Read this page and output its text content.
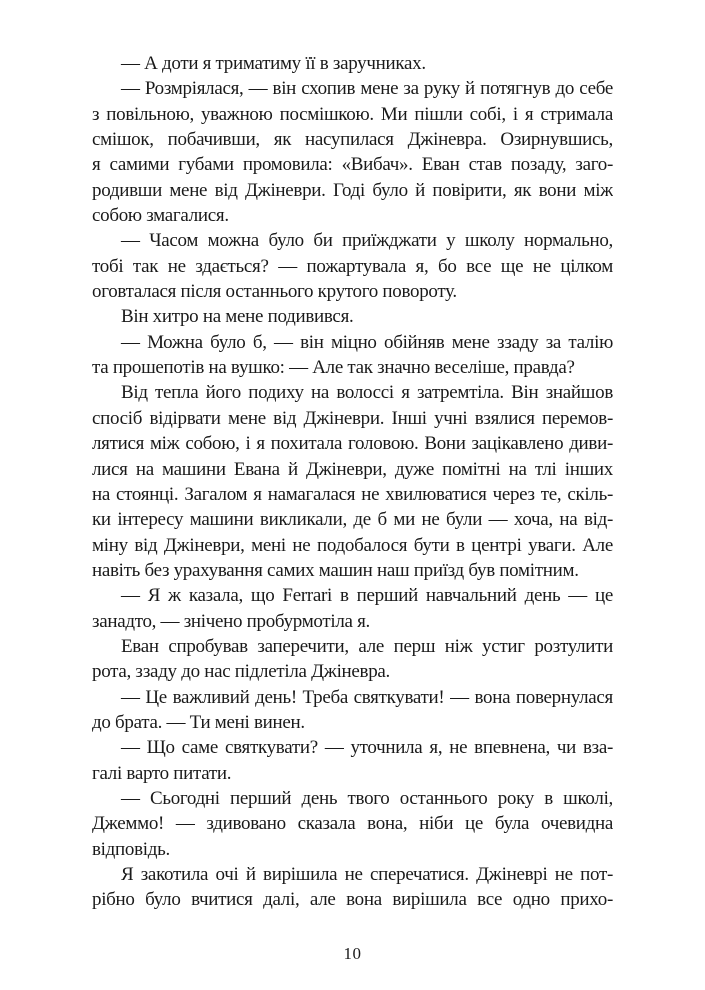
— А доти я триматиму її в заручниках.
— Розмріялася, — він схопив мене за руку й потягнув до себе
з повільною, уважною посмішкою. Ми пішли собі, і я стримала
смішок, побачивши, як насупилася Джіневра. Озирнувшись,
я самими губами промовила: «Вибач». Еван став позаду, заго-
родивши мене від Джіневри. Годі було й повірити, як вони між
собою змагалися.
— Часом можна було би приїжджати у школу нормально,
тобі так не здається? — пожартувала я, бо все ще не цілком
оговталася після останнього крутого повороту.
Він хитро на мене подивився.
— Можна було б, — він міцно обійняв мене ззаду за талію
та прошепотів на вушко: — Але так значно веселіше, правда?
Від тепла його подиху на волоссі я затремтіла. Він знайшов
спосіб відірвати мене від Джіневри. Інші учні взялися перемов-
лятися між собою, і я похитала головою. Вони зацікавлено диви-
лися на машини Евана й Джіневри, дуже помітні на тлі інших
на стоянці. Загалом я намагалася не хвилюватися через те, скіль-
ки інтересу машини викликали, де б ми не були — хоча, на від-
міну від Джіневри, мені не подобалося бути в центрі уваги. Але
навіть без урахування самих машин наш приїзд був помітним.
— Я ж казала, що Ferrari в перший навчальний день — це
занадто, — знічено пробурмотіла я.
Еван спробував заперечити, але перш ніж устиг розтулити
рота, ззаду до нас підлетіла Джіневра.
— Це важливий день! Треба святкувати! — вона повернулася
до брата. — Ти мені винен.
— Що саме святкувати? — уточнила я, не впевнена, чи вза-
галі варто питати.
— Сьогодні перший день твого останнього року в школі,
Джеммо! — здивовано сказала вона, ніби це була очевидна
відповідь.
Я закотила очі й вирішила не сперечатися. Джіневрі не пот-
рібно було вчитися далі, але вона вирішила все одно прихо-
10
